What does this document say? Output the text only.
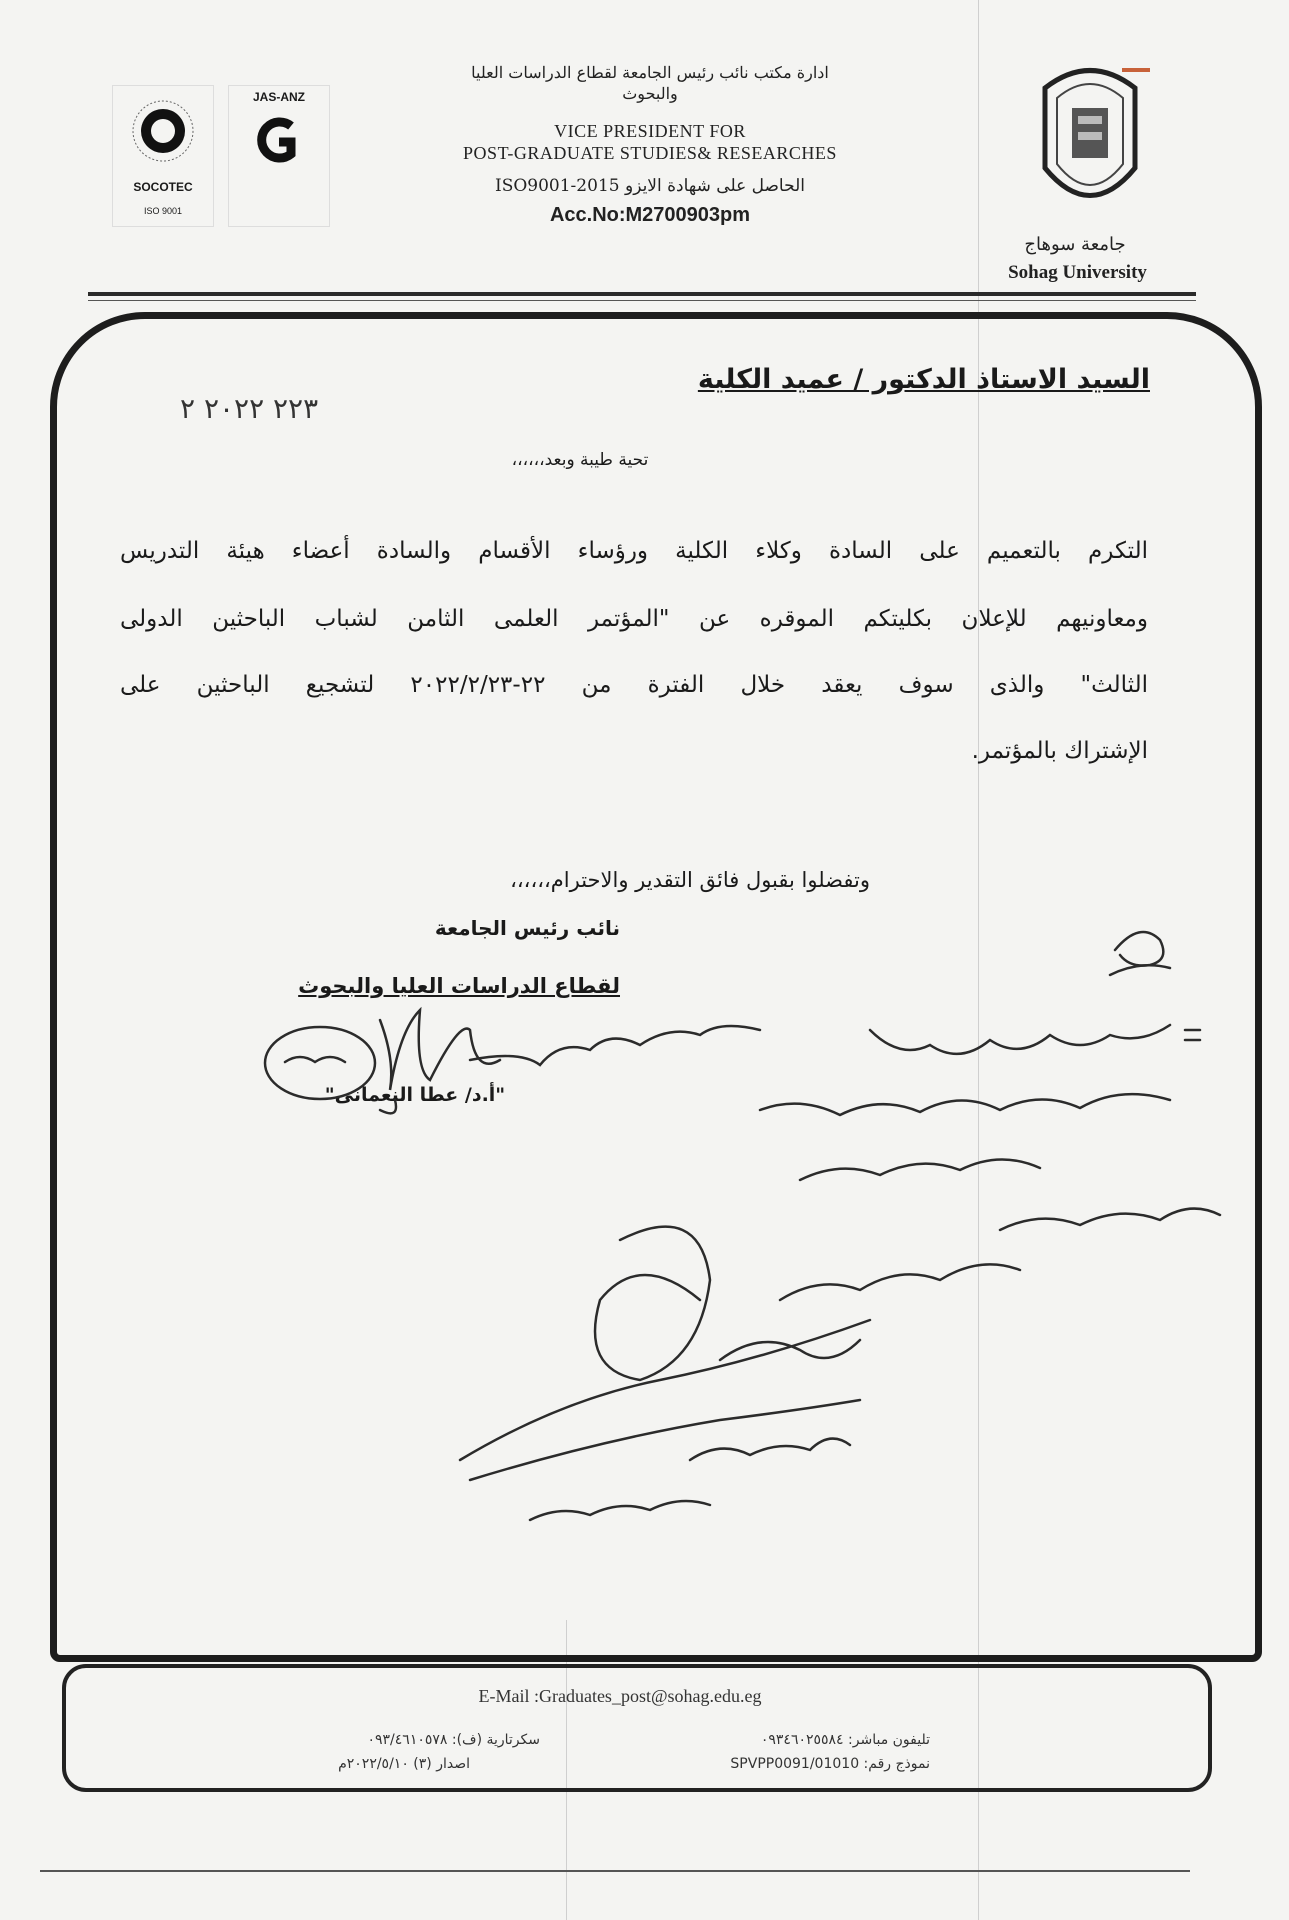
SOCOTEC
ISO 9001
JAS-ANZ
ادارة مكتب نائب رئيس الجامعة لقطاع الدراسات العليا
والبحوث
VICE PRESIDENT FOR
POST-GRADUATE STUDIES& RESEARCHES
ISO9001-2015 الحاصل على شهادة الايزو
Acc.No:M2700903pm
جامعة سوهاج
Sohag University
السيد الاستاذ الدكتور / عميد الكلية
٢٢٣ ٢٠٢٢ ٢
تحية طيبة وبعد،،،،،،
التكرم بالتعميم على السادة وكلاء الكلية ورؤساء الأقسام والسادة أعضاء هيئة التدريس
ومعاونيهم للإعلان بكليتكم الموقره عن "المؤتمر العلمى الثامن لشباب الباحثين الدولى
الثالث" والذى سوف يعقد خلال الفترة من ٢٢-٢٠٢٢/٢/٢٣ لتشجيع الباحثين على
الإشتراك بالمؤتمر.
وتفضلوا بقبول فائق التقدير والاحترام،،،،،،
نائب رئيس الجامعة
لقطاع الدراسات العليا والبحوث
"أ.د/ عطا النعمانى"
E-Mail :Graduates_post@sohag.edu.eg
تليفون مباشر: ٠٩٣٤٦٠٢٥٥٨٤
سكرتارية (ف): ٠٩٣/٤٦١٠٥٧٨
نموذج رقم: SPVPP0091/01010
اصدار (٣) ٢٠٢٢/٥/١٠م
